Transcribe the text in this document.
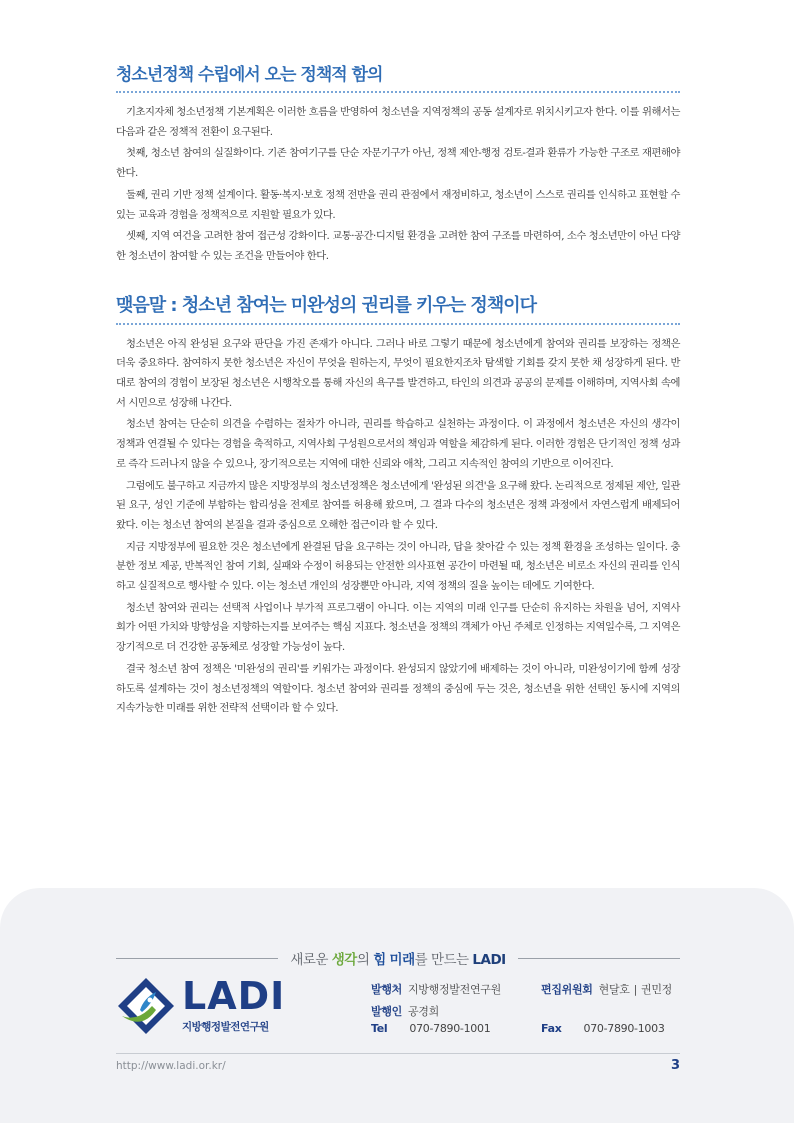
청소년정책 수립에서 오는 정책적 함의

기초지자체 청소년정책 기본계획은 이러한 흐름을 반영하여 청소년을 지역정책의 공동 설계자로 위치시키고자 한다. 이를 위해서는 다음과 같은 정책적 전환이 요구된다.

첫째, 청소년 참여의 실질화이다. 기존 참여기구를 단순 자문기구가 아닌, 정책 제안-행정 검토-결과 환류가 가능한 구조로 재편해야 한다.

둘째, 권리 기반 정책 설계이다. 활동·복지·보호 정책 전반을 권리 관점에서 재정비하고, 청소년이 스스로 권리를 인식하고 표현할 수 있는 교육과 경험을 정책적으로 지원할 필요가 있다.

셋째, 지역 여건을 고려한 참여 접근성 강화이다. 교통·공간·디지털 환경을 고려한 참여 구조를 마련하여, 소수 청소년만이 아닌 다양한 청소년이 참여할 수 있는 조건을 만들어야 한다.

맺음말 : 청소년 참여는 미완성의 권리를 키우는 정책이다

청소년은 아직 완성된 요구와 판단을 가진 존재가 아니다. 그러나 바로 그렇기 때문에 청소년에게 참여와 권리를 보장하는 정책은 더욱 중요하다. 참여하지 못한 청소년은 자신이 무엇을 원하는지, 무엇이 필요한지조차 탐색할 기회를 갖지 못한 채 성장하게 된다. 반대로 참여의 경험이 보장된 청소년은 시행착오를 통해 자신의 욕구를 발견하고, 타인의 의견과 공공의 문제를 이해하며, 지역사회 속에서 시민으로 성장해 나간다.

청소년 참여는 단순히 의견을 수렴하는 절차가 아니라, 권리를 학습하고 실천하는 과정이다. 이 과정에서 청소년은 자신의 생각이 정책과 연결될 수 있다는 경험을 축적하고, 지역사회 구성원으로서의 책임과 역할을 체감하게 된다. 이러한 경험은 단기적인 정책 성과로 즉각 드러나지 않을 수 있으나, 장기적으로는 지역에 대한 신뢰와 애착, 그리고 지속적인 참여의 기반으로 이어진다.

그럼에도 불구하고 지금까지 많은 지방정부의 청소년정책은 청소년에게 '완성된 의견'을 요구해 왔다. 논리적으로 정제된 제안, 일관된 요구, 성인 기준에 부합하는 합리성을 전제로 참여를 허용해 왔으며, 그 결과 다수의 청소년은 정책 과정에서 자연스럽게 배제되어 왔다. 이는 청소년 참여의 본질을 결과 중심으로 오해한 접근이라 할 수 있다.

지금 지방정부에 필요한 것은 청소년에게 완결된 답을 요구하는 것이 아니라, 답을 찾아갈 수 있는 정책 환경을 조성하는 일이다. 충분한 정보 제공, 반복적인 참여 기회, 실패와 수정이 허용되는 안전한 의사표현 공간이 마련될 때, 청소년은 비로소 자신의 권리를 인식하고 실질적으로 행사할 수 있다. 이는 청소년 개인의 성장뿐만 아니라, 지역 정책의 질을 높이는 데에도 기여한다.

청소년 참여와 권리는 선택적 사업이나 부가적 프로그램이 아니다. 이는 지역의 미래 인구를 단순히 유지하는 차원을 넘어, 지역사회가 어떤 가치와 방향성을 지향하는지를 보여주는 핵심 지표다. 청소년을 정책의 객체가 아닌 주체로 인정하는 지역일수록, 그 지역은 장기적으로 더 건강한 공동체로 성장할 가능성이 높다.

결국 청소년 참여 정책은 '미완성의 권리'를 키워가는 과정이다. 완성되지 않았기에 배제하는 것이 아니라, 미완성이기에 함께 성장하도록 설계하는 것이 청소년정책의 역할이다. 청소년 참여와 권리를 정책의 중심에 두는 것은, 청소년을 위한 선택인 동시에 지역의 지속가능한 미래를 위한 전략적 선택이라 할 수 있다.

새로운 생각의 힘 미래를 만드는 LADI
LADI
지방행정발전연구원
발행처 지방행정발전연구원
발행인 공경희
Tel 070-7890-1001
편집위원회 현달호 | 권민정
Fax 070-7890-1003
http://www.ladi.or.kr/	3
